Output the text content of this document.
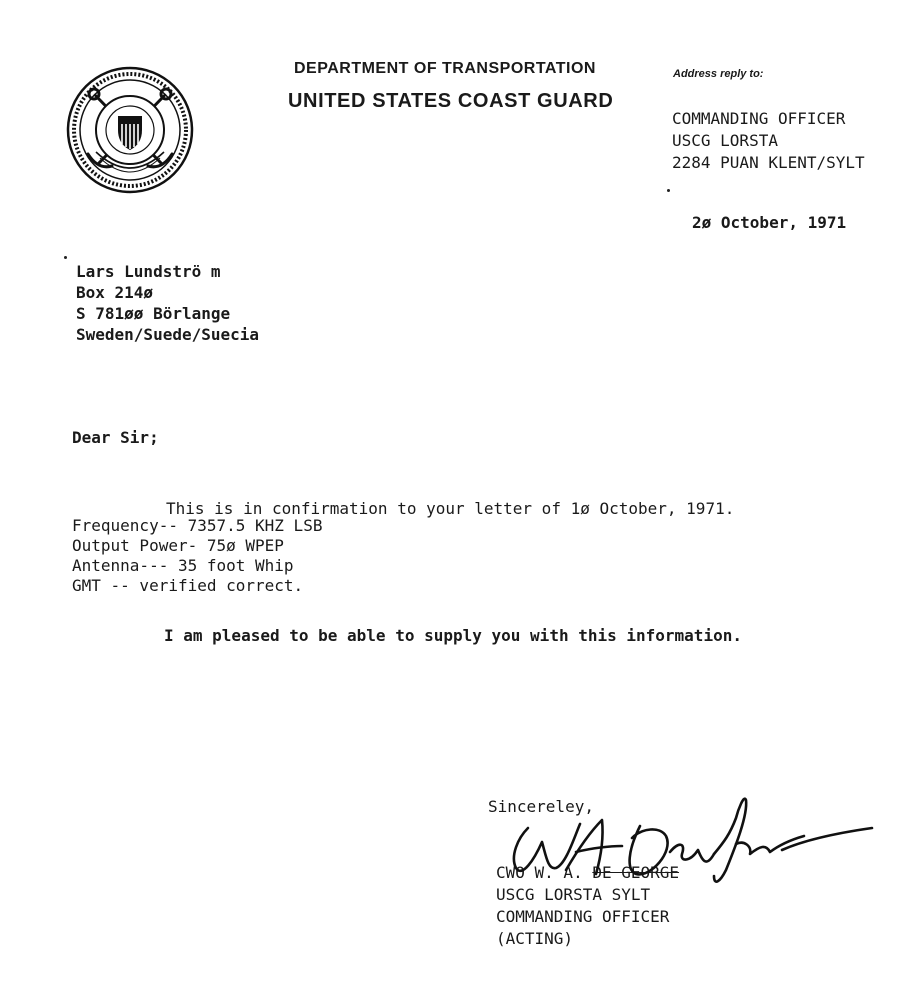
DEPARTMENT OF TRANSPORTATION
UNITED STATES COAST GUARD
Address reply to:
COMMANDING OFFICER
USCG LORSTA
2284 PUAN KLENT/SYLT
2ø October, 1971
Lars Lundströ m
Box 214ø
S 781øø Börlange
Sweden/Suede/Suecia
Dear Sir;
This is in confirmation to your letter of 1ø October, 1971.
Frequency-- 7357.5 KHZ LSB
Output Power- 75ø WPEP
Antenna--- 35 foot Whip
GMT -- verified correct.
I am pleased to be able to supply you with this information.
Sincereley,
CWO W. A. DE GEORGE
USCG LORSTA SYLT
COMMANDING OFFICER
(ACTING)
